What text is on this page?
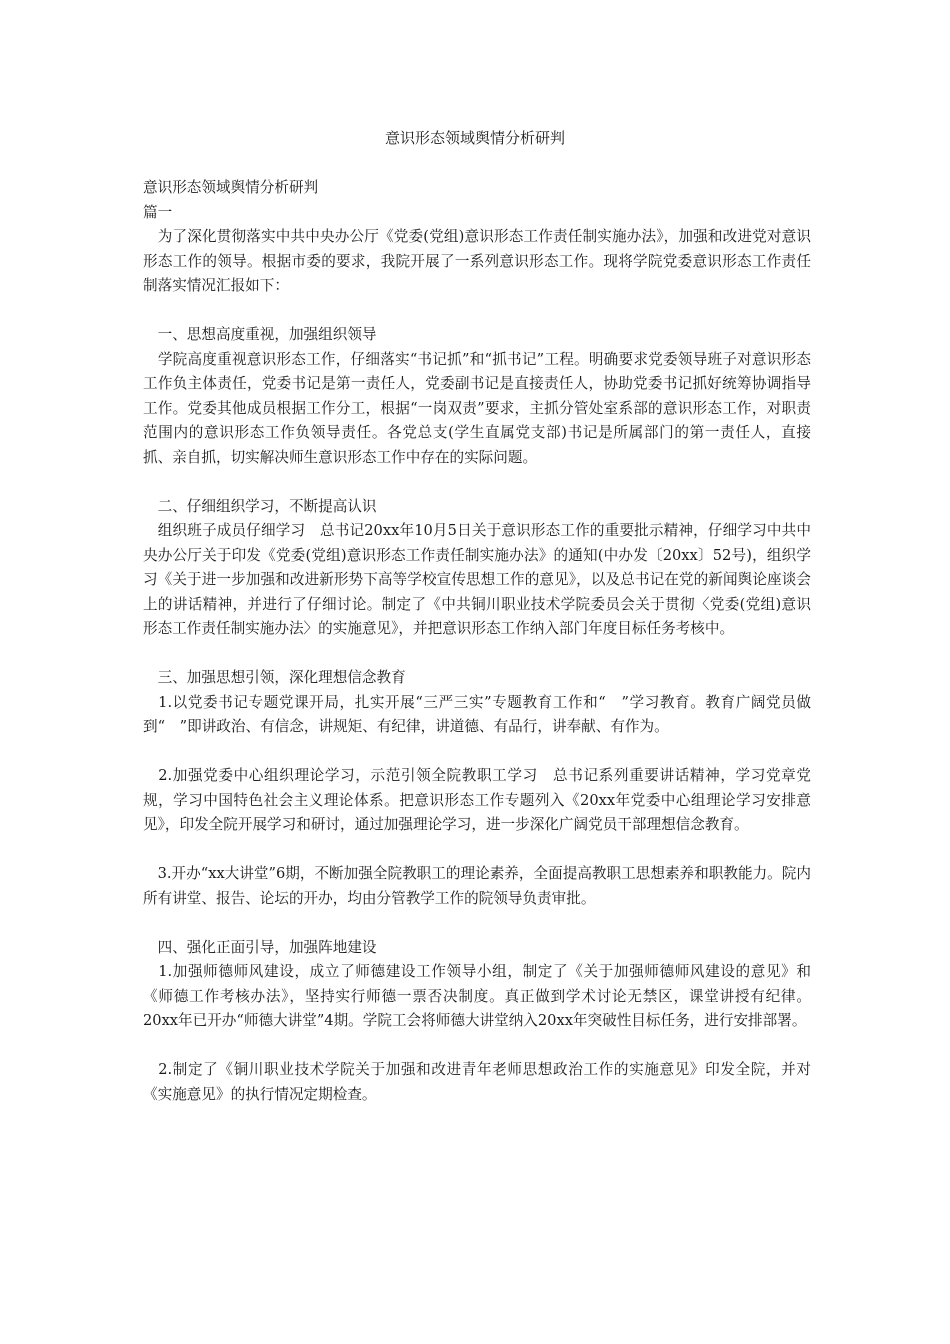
意识形态领域舆情分析研判
意识形态领域舆情分析研判
篇一
　为了深化贯彻落实中共中央办公厅《党委(党组)意识形态工作责任制实施办法》，加强和改进党对意识形态工作的领导。根据市委的要求，我院开展了一系列意识形态工作。现将学院党委意识形态工作责任制落实情况汇报如下：
　一、思想高度重视，加强组织领导
　学院高度重视意识形态工作，仔细落实“书记抓”和“抓书记”工程。明确要求党委领导班子对意识形态工作负主体责任，党委书记是第一责任人，党委副书记是直接责任人，协助党委书记抓好统筹协调指导工作。党委其他成员根据工作分工，根据“一岗双责”要求，主抓分管处室系部的意识形态工作，对职责范围内的意识形态工作负领导责任。各党总支(学生直属党支部)书记是所属部门的第一责任人，直接抓、亲自抓，切实解决师生意识形态工作中存在的实际问题。
　二、仔细组织学习，不断提高认识
　组织班子成员仔细学习　总书记20xx年10月5日关于意识形态工作的重要批示精神，仔细学习中共中央办公厅关于印发《党委(党组)意识形态工作责任制实施办法》的通知(中办发〔20xx〕52号)，组织学习《关于进一步加强和改进新形势下高等学校宣传思想工作的意见》，以及总书记在党的新闻舆论座谈会上的讲话精神，并进行了仔细讨论。制定了《中共铜川职业技术学院委员会关于贯彻〈党委(党组)意识形态工作责任制实施办法〉的实施意见》，并把意识形态工作纳入部门年度目标任务考核中。
　三、加强思想引领，深化理想信念教育
　1.以党委书记专题党课开局，扎实开展“三严三实”专题教育工作和“　”学习教育。教育广阔党员做到“　”即讲政治、有信念，讲规矩、有纪律，讲道德、有品行，讲奉献、有作为。
　2.加强党委中心组织理论学习，示范引领全院教职工学习　总书记系列重要讲话精神，学习党章党规，学习中国特色社会主义理论体系。把意识形态工作专题列入《20xx年党委中心组理论学习安排意见》，印发全院开展学习和研讨，通过加强理论学习，进一步深化广阔党员干部理想信念教育。
　3.开办“xx大讲堂”6期，不断加强全院教职工的理论素养，全面提高教职工思想素养和职教能力。院内所有讲堂、报告、论坛的开办，均由分管教学工作的院领导负责审批。
　四、强化正面引导，加强阵地建设
　1.加强师德师风建设，成立了师德建设工作领导小组，制定了《关于加强师德师风建设的意见》和《师德工作考核办法》，坚持实行师德一票否决制度。真正做到学术讨论无禁区，课堂讲授有纪律。20xx年已开办“师德大讲堂”4期。学院工会将师德大讲堂纳入20xx年突破性目标任务，进行安排部署。
　2.制定了《铜川职业技术学院关于加强和改进青年老师思想政治工作的实施意见》印发全院，并对《实施意见》的执行情况定期检查。
